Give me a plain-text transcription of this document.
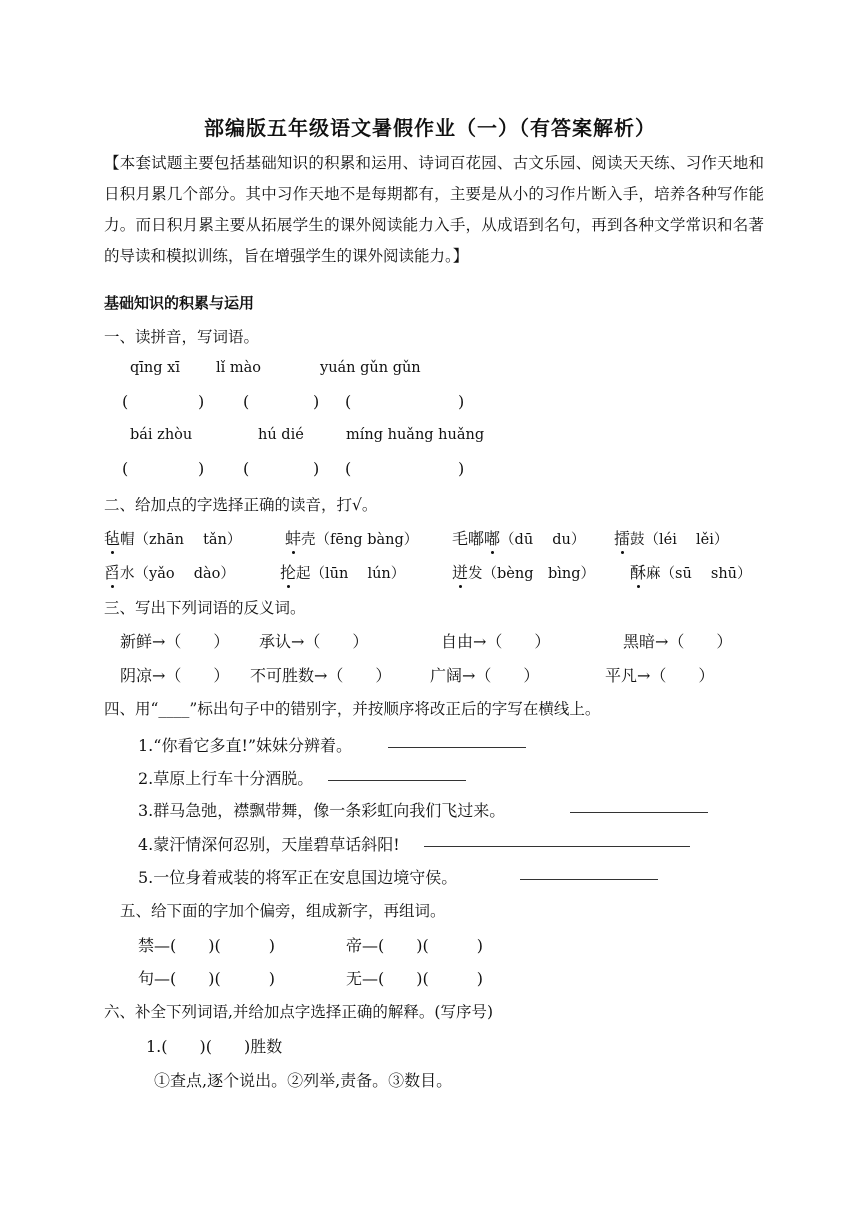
部编版五年级语文暑假作业（一）（有答案解析）
【本套试题主要包括基础知识的积累和运用、诗词百花园、古文乐园、阅读天天练、习作天地和日积月累几个部分。其中习作天地不是每期都有，主要是从小的习作片断入手，培养各种写作能力。而日积月累主要从拓展学生的课外阅读能力入手，从成语到名句，再到各种文学常识和名著的导读和模拟训练，旨在增强学生的课外阅读能力。】
基础知识的积累与运用
一、读拼音，写词语。
qīng xī lǐ mào	yuán gǔn gǔn
(	) (	) (	)
bái zhòu	hú dié	míng huǎng huǎng
(	) (	) (	)
二、给加点的字选择正确的读音，打√。
毡帽（zhān　 tǎn）	蚌壳（fēng bàng） 毛嘟嘟（dū　 du） 擂鼓（léi　 lěi）
舀水（yǎo　 dào）	抡起（lūn　 lún）	迸发（bèng　bìng） 酥麻（sū　 shū）
三、写出下列词语的反义词。
新鲜→（　　） 承认→（　　）	自由→（　　）	黑暗→（　　）
阴凉→（　　） 不可胜数→（　　） 广阔→（　　）	平凡→（　　）
四、用“____”标出句子中的错别字，并按顺序将改正后的字写在横线上。
1.“你看它多直!”妹妹分辨着。
2.草原上行车十分酒脱。
3.群马急弛，襟飘带舞，像一条彩虹向我们飞过来。
4.蒙汗情深何忍别，天崖碧草话斜阳!
5.一位身着戒装的将军正在安息国边境守侯。
五、给下面的字加个偏旁，组成新字，再组词。
禁—(　　)(　　　)	帝—(　　)(　　　)
句—(　　)(　　　)	无—(　　)(　　　)
六、补全下列词语,并给加点字选择正确的解释。(写序号)
1.(　　)(　　)胜数
①查点,逐个说出。②列举,责备。③数目。
